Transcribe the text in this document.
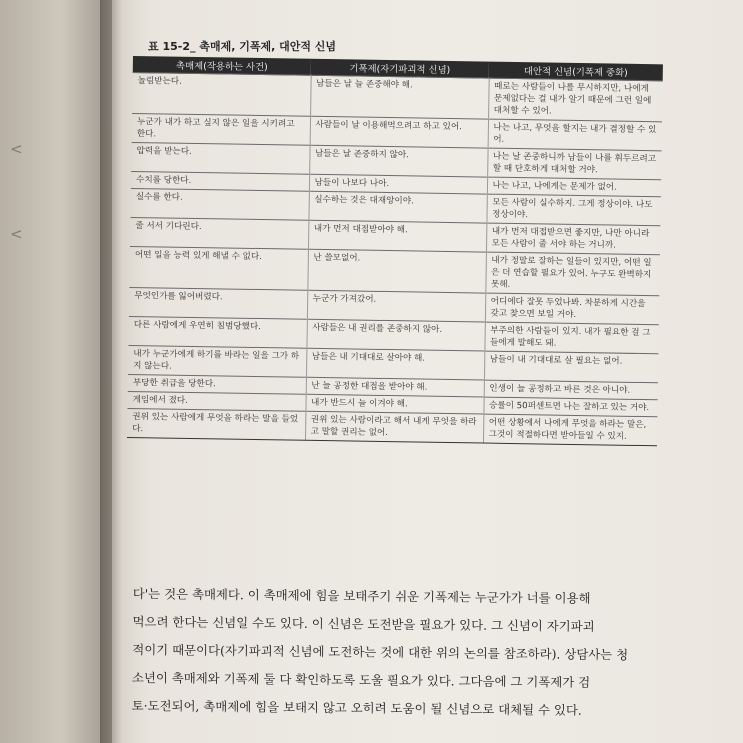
<
<
표 15-2_ 촉매제, 기폭제, 대안적 신념
촉매제(작용하는 사건)	기폭제(자기파괴적 신념)	대안적 신념(기폭제 중화)
놀림받는다.	남들은 날 늘 존중해야 해.	때로는 사람들이 나를 무시하지만, 나에게 문제없다는 걸 내가 알기 때문에 그런 일에 대처할 수 있어.
누군가 내가 하고 싶지 않은 일을 시키려고 한다.	사람들이 날 이용해먹으려고 하고 있어.	나는 나고, 무엇을 할지는 내가 결정할 수 있어.
압력을 받는다.	남들은 날 존중하지 않아.	나는 날 존중하니까 남들이 나를 휘두르려고 할 때 단호하게 대처할 거야.
수치를 당한다.	남들이 나보다 나아.	나는 나고, 나에게는 문제가 없어.
실수를 한다.	실수하는 것은 대재앙이야.	모든 사람이 실수하지. 그게 정상이야. 나도 정상이야.
줄 서서 기다린다.	내가 먼저 대접받아야 해.	내가 먼저 대접받으면 좋지만, 나만 아니라 모든 사람이 줄 서야 하는 거니까.
어떤 일을 능력 있게 해낼 수 없다.	난 쓸모없어.	내가 정말로 잘하는 일들이 있지만, 어떤 일은 더 연습할 필요가 있어. 누구도 완벽하지 못해.
무엇인가를 잃어버렸다.	누군가 가져갔어.	어디에다 잘못 두었나봐. 차분하게 시간을 갖고 찾으면 보일 거야.
다른 사람에게 우연히 침범당했다.	사람들은 내 권리를 존중하지 않아.	부주의한 사람들이 있지. 내가 필요한 걸 그들에게 말해도 돼.
내가 누군가에게 하기를 바라는 일을 그가 하지 않는다.	남들은 내 기대대로 살아야 해.	남들이 내 기대대로 살 필요는 없어.
부당한 취급을 당한다.	난 늘 공정한 대접을 받아야 해.	인생이 늘 공정하고 바른 것은 아니야.
게임에서 졌다.	내가 반드시 늘 이겨야 해.	승률이 50퍼센트면 나는 잘하고 있는 거야.
권위 있는 사람에게 무엇을 하라는 말을 들었다.	권위 있는 사람이라고 해서 내게 무엇을 하라고 말할 권리는 없어.	어떤 상황에서 나에게 무엇을 하라는 말은, 그것이 적절하다면 받아들일 수 있지.

다'는 것은 촉매제다. 이 촉매제에 힘을 보태주기 쉬운 기폭제는 누군가가 너를 이용해

먹으려 한다는 신념일 수도 있다. 이 신념은 도전받을 필요가 있다. 그 신념이 자기파괴

적이기 때문이다(자기파괴적 신념에 도전하는 것에 대한 위의 논의를 참조하라). 상담사는 청

소년이 촉매제와 기폭제 둘 다 확인하도록 도울 필요가 있다. 그다음에 그 기폭제가 검

토·도전되어, 촉매제에 힘을 보태지 않고 오히려 도움이 될 신념으로 대체될 수 있다.
